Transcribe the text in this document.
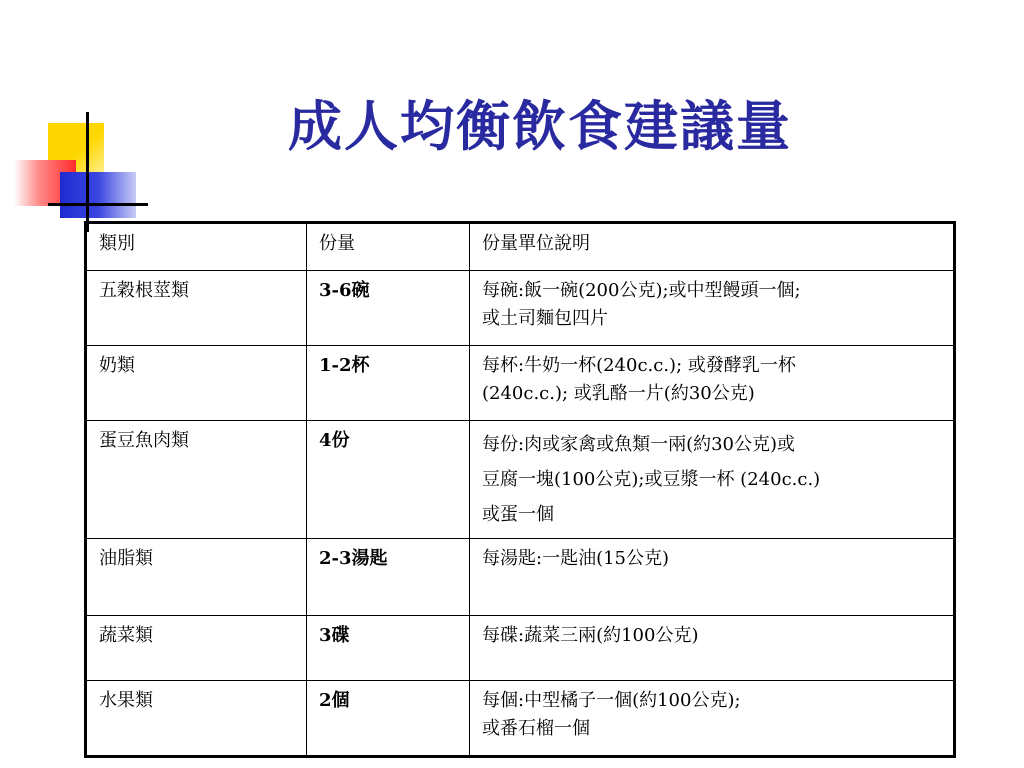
成人均衡飲食建議量
類別	份量	份量單位說明
五穀根莖類	3-6碗	每碗:飯一碗(200公克);或中型饅頭一個;
或土司麵包四片

奶類	1-2杯	每杯:牛奶一杯(240c.c.); 或發酵乳一杯
(240c.c.); 或乳酪一片(約30公克)

蛋豆魚肉類	4份	每份:肉或家禽或魚類一兩(約30公克)或
豆腐一塊(100公克);或豆漿一杯 (240c.c.)
或蛋一個

油脂類	2-3湯匙	每湯匙:一匙油(15公克)

蔬菜類	3碟	每碟:蔬菜三兩(約100公克)

水果類	2個	每個:中型橘子一個(約100公克);
或番石榴一個
